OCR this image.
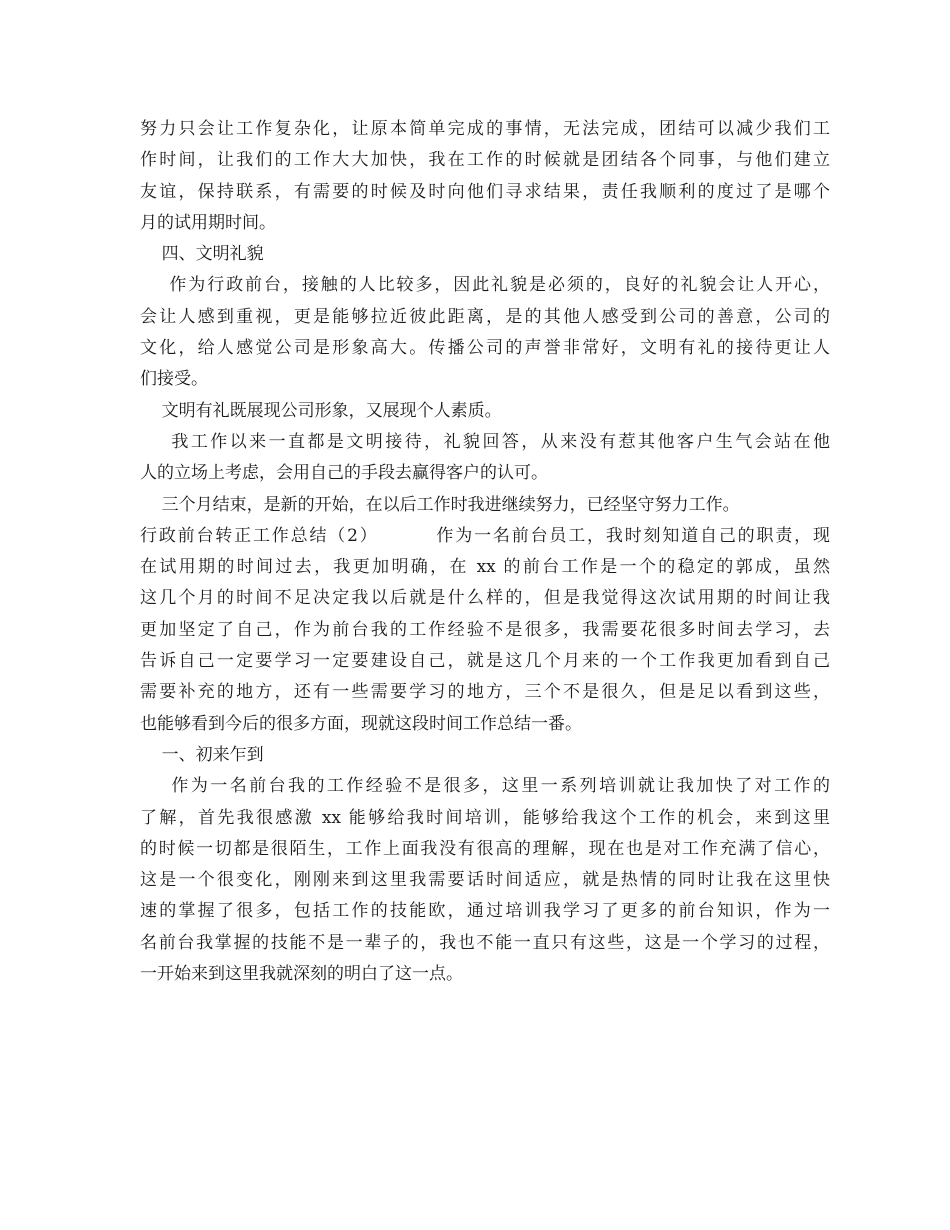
努力只会让工作复杂化，让原本简单完成的事情，无法完成，团结可以减少我们工
作时间，让我们的工作大大加快，我在工作的时候就是团结各个同事，与他们建立
友谊，保持联系，有需要的时候及时向他们寻求结果，责任我顺利的度过了是哪个
月的试用期时间。
四、文明礼貌
作为行政前台，接触的人比较多，因此礼貌是必须的，良好的礼貌会让人开心，
会让人感到重视，更是能够拉近彼此距离，是的其他人感受到公司的善意，公司的
文化，给人感觉公司是形象高大。传播公司的声誉非常好，文明有礼的接待更让人
们接受。
文明有礼既展现公司形象，又展现个人素质。
我工作以来一直都是文明接待，礼貌回答，从来没有惹其他客户生气会站在他
人的立场上考虑，会用自己的手段去赢得客户的认可。
三个月结束，是新的开始，在以后工作时我进继续努力，已经坚守努力工作。
行政前台转正工作总结（2）        作为一名前台员工，我时刻知道自己的职责，现
在试用期的时间过去，我更加明确，在 xx 的前台工作是一个的稳定的郭成，虽然
这几个月的时间不足决定我以后就是什么样的，但是我觉得这次试用期的时间让我
更加坚定了自己，作为前台我的工作经验不是很多，我需要花很多时间去学习，去
告诉自己一定要学习一定要建设自己，就是这几个月来的一个工作我更加看到自己
需要补充的地方，还有一些需要学习的地方，三个不是很久，但是足以看到这些，
也能够看到今后的很多方面，现就这段时间工作总结一番。
一、初来乍到
作为一名前台我的工作经验不是很多，这里一系列培训就让我加快了对工作的
了解，首先我很感激 xx 能够给我时间培训，能够给我这个工作的机会，来到这里
的时候一切都是很陌生，工作上面我没有很高的理解，现在也是对工作充满了信心，
这是一个很变化，刚刚来到这里我需要话时间适应，就是热情的同时让我在这里快
速的掌握了很多，包括工作的技能欧，通过培训我学习了更多的前台知识，作为一
名前台我掌握的技能不是一辈子的，我也不能一直只有这些，这是一个学习的过程，
一开始来到这里我就深刻的明白了这一点。
